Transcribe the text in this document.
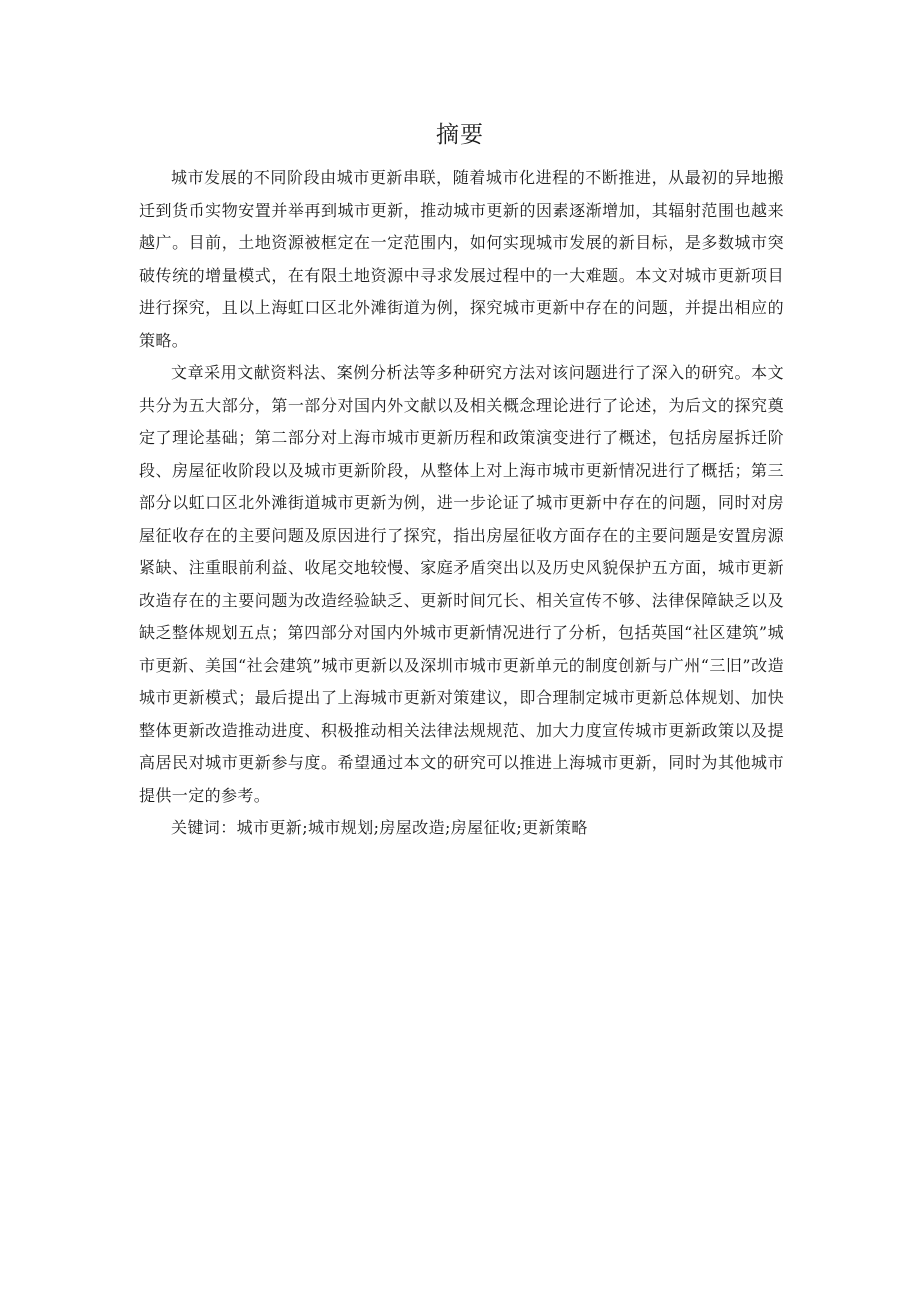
摘要

城市发展的不同阶段由城市更新串联，随着城市化进程的不断推进，从最初的异地搬迁到货币实物安置并举再到城市更新，推动城市更新的因素逐渐增加，其辐射范围也越来越广。目前，土地资源被框定在一定范围内，如何实现城市发展的新目标，是多数城市突破传统的增量模式，在有限土地资源中寻求发展过程中的一大难题。本文对城市更新项目进行探究，且以上海虹口区北外滩街道为例，探究城市更新中存在的问题，并提出相应的策略。

文章采用文献资料法、案例分析法等多种研究方法对该问题进行了深入的研究。本文共分为五大部分，第一部分对国内外文献以及相关概念理论进行了论述，为后文的探究奠定了理论基础；第二部分对上海市城市更新历程和政策演变进行了概述，包括房屋拆迁阶段、房屋征收阶段以及城市更新阶段，从整体上对上海市城市更新情况进行了概括；第三部分以虹口区北外滩街道城市更新为例，进一步论证了城市更新中存在的问题，同时对房屋征收存在的主要问题及原因进行了探究，指出房屋征收方面存在的主要问题是安置房源紧缺、注重眼前利益、收尾交地较慢、家庭矛盾突出以及历史风貌保护五方面，城市更新改造存在的主要问题为改造经验缺乏、更新时间冗长、相关宣传不够、法律保障缺乏以及缺乏整体规划五点；第四部分对国内外城市更新情况进行了分析，包括英国“社区建筑”城市更新、美国“社会建筑”城市更新以及深圳市城市更新单元的制度创新与广州“三旧”改造城市更新模式；最后提出了上海城市更新对策建议，即合理制定城市更新总体规划、加快整体更新改造推动进度、积极推动相关法律法规规范、加大力度宣传城市更新政策以及提高居民对城市更新参与度。希望通过本文的研究可以推进上海城市更新，同时为其他城市提供一定的参考。

关键词：城市更新;城市规划;房屋改造;房屋征收;更新策略
